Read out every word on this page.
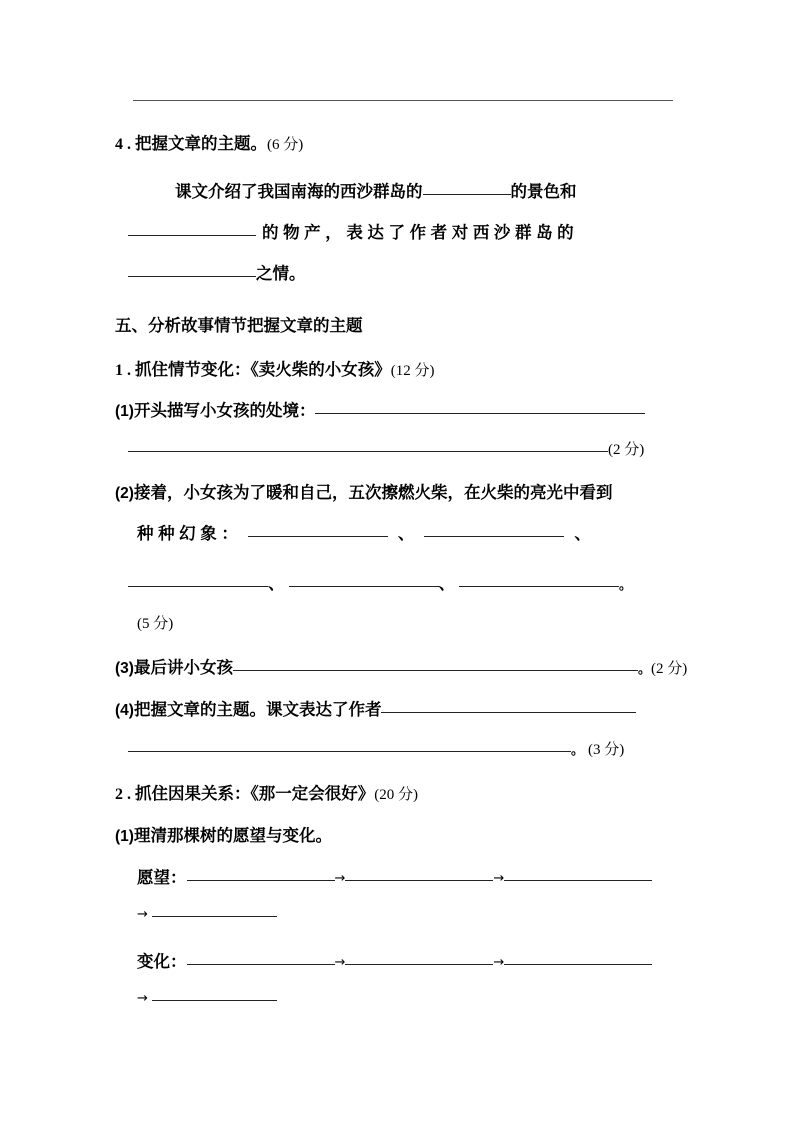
4 . 把握文章的主题。(6 分)
课文介绍了我国南海的西沙群岛的	的景色和
的 物 产 ， 表 达 了 作 者 对 西 沙 群 岛 的
之情。
五、分析故事情节把握文章的主题
1 . 抓住情节变化：《卖火柴的小女孩》(12 分)
(1)开头描写小女孩的处境：
(2 分)
(2)接着，小女孩为了暖和自己，五次擦燃火柴，在火柴的亮光中看到
种 种 幻 象 ：	、	、
、	、	。
(5 分)
(3)最后讲小女孩	。(2 分)
(4)把握文章的主题。课文表达了作者
。 (3 分)
2 . 抓住因果关系：《那一定会很好》(20 分)
(1)理清那棵树的愿望与变化。
愿望：	→	→
→
变化：	→	→
→
